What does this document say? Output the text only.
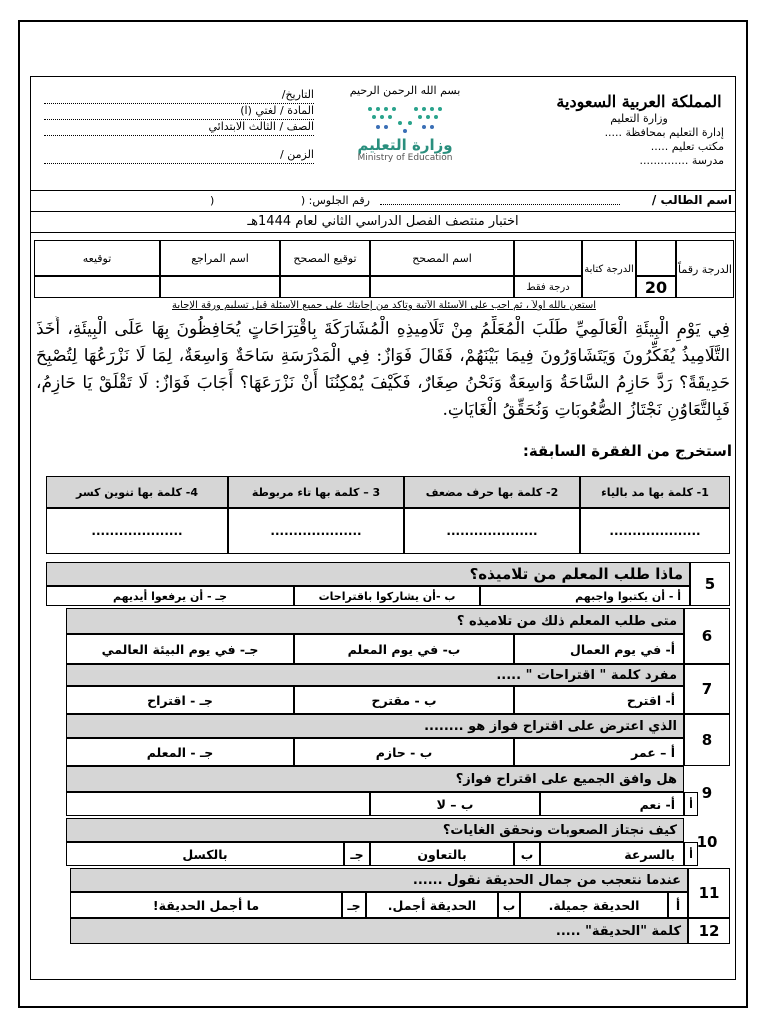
المملكة العربية السعودية
وزارة التعليم
إدارة التعليم بمحافظة .....
مكتب تعليم .....
مدرسة ..............
بسم الله الرحمن الرحيم
وزارة التعليم
Ministry of Education
التاريخ/
المادة / لغتي (ا)
الصف / الثالث الابتدائي
الزمن /
اسم الطالب /
رقم الجلوس: (
)
اختبار منتصف الفصل الدراسي الثاني لعام 1444هـ
الدرجة رقماً
20
الدرجة كتابة
درجة فقط
اسم المصحح
توقيع المصحح
اسم المراجع
توقيعه
استعن بالله أولاً ، ثم أجب على الأسئلة الآتية وتأكد من إجابتك على جميع الأسئلة قبل تسليم ورقة الإجابة
فِي يَوْمِ الْبِيئَةِ الْعَالَمِيِّ طَلَبَ الْمُعَلِّمُ مِنْ تَلَامِيذِهِ الْمُشَارَكَةَ بِاقْتِرَاحَاتٍ يُحَافِظُونَ بِهَا عَلَى الْبِيئَةِ، أَخَذَ التَّلَامِيذُ يُفَكِّرُونَ وَيَتَشَاوَرُونَ فِيمَا بَيْنَهُمْ، فَقَالَ فَوَازٌ: فِي الْمَدْرَسَةِ سَاحَةٌ وَاسِعَةٌ، لِمَا لَا نَزْرَعُهَا لِتُصْبِحَ حَدِيقَةً؟ رَدَّ حَازِمُ السَّاحَةُ وَاسِعَةٌ وَنَحْنُ صِغَارٌ، فَكَيْفَ يُمْكِنُنَا أَنْ نَزْرَعَهَا؟ أَجَابَ فَوَازٌ: لَا تَقْلَقْ يَا حَازِمُ، فَبِالتَّعَاوُنِ نَجْتَازُ الصُّعُوبَاتِ وَنُحَقِّقُ الْغَايَاتِ.
استخرج من الفقرة السابقة:
1- كلمة بها مد بالياء
2- كلمة بها حرف مضعف
3 – كلمة بها تاء مربوطة
4- كلمة بها تنوين كسر
....................
....................
....................
....................
5
ماذا طلب المعلم من تلاميذه؟
أ - أن يكتبوا واجبهم
ب -أن يشاركوا باقتراحات
جـ - أن يرفعوا أيديهم
6
متى طلب المعلم ذلك من تلاميذه ؟
أ- في يوم العمال
ب- في يوم المعلم
جـ- في يوم البيئة العالمي
7
مفرد كلمة " اقتراحات " .....
أ- اقترح
ب - مقترح
جـ - اقتراح
8
الذي اعترض على اقتراح فواز هو ........
أ – عمر
ب - حازم
جـ - المعلم
9
هل وافق الجميع على اقتراح فواز؟
أ
أ- نعم
ب – لا
10
كيف نجتاز الصعوبات ونحقق الغايات؟
أ
بالسرعة
ب
بالتعاون
جـ
بالكسل
11
عندما نتعجب من جمال الحديقة نقول ......
أ
الحديقة جميلة.
ب
الحديقة أجمل.
جـ
ما أجمل الحديقة!
12
كلمة "الحديقة" .....
